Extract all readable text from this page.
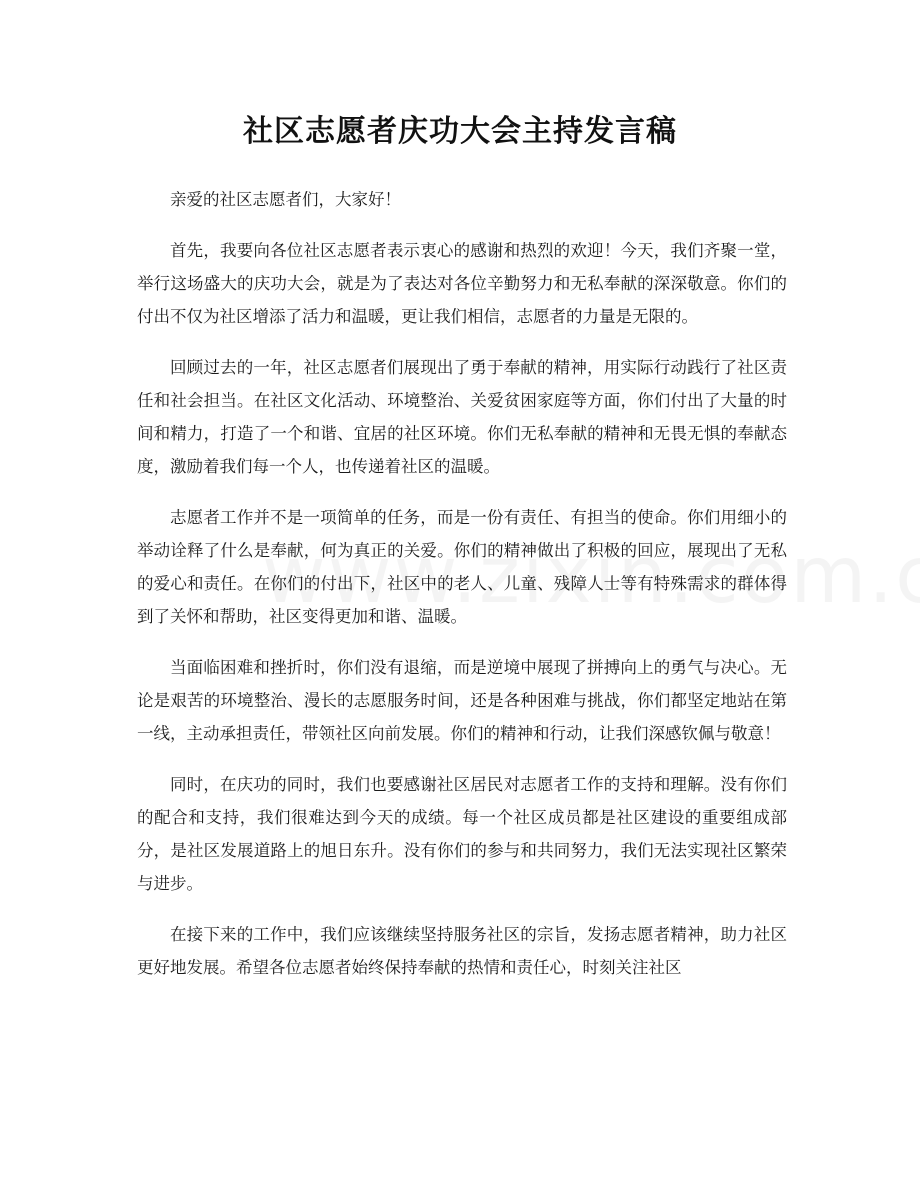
社区志愿者庆功大会主持发言稿

亲爱的社区志愿者们，大家好！

首先，我要向各位社区志愿者表示衷心的感谢和热烈的欢迎！今天，我们齐聚一堂，举行这场盛大的庆功大会，就是为了表达对各位辛勤努力和无私奉献的深深敬意。你们的付出不仅为社区增添了活力和温暖，更让我们相信，志愿者的力量是无限的。

回顾过去的一年，社区志愿者们展现出了勇于奉献的精神，用实际行动践行了社区责任和社会担当。在社区文化活动、环境整治、关爱贫困家庭等方面，你们付出了大量的时间和精力，打造了一个和谐、宜居的社区环境。你们无私奉献的精神和无畏无惧的奉献态度，激励着我们每一个人，也传递着社区的温暖。

志愿者工作并不是一项简单的任务，而是一份有责任、有担当的使命。你们用细小的举动诠释了什么是奉献，何为真正的关爱。你们的精神做出了积极的回应，展现出了无私的爱心和责任。在你们的付出下，社区中的老人、儿童、残障人士等有特殊需求的群体得到了关怀和帮助，社区变得更加和谐、温暖。

当面临困难和挫折时，你们没有退缩，而是逆境中展现了拼搏向上的勇气与决心。无论是艰苦的环境整治、漫长的志愿服务时间，还是各种困难与挑战，你们都坚定地站在第一线，主动承担责任，带领社区向前发展。你们的精神和行动，让我们深感钦佩与敬意！

同时，在庆功的同时，我们也要感谢社区居民对志愿者工作的支持和理解。没有你们的配合和支持，我们很难达到今天的成绩。每一个社区成员都是社区建设的重要组成部分，是社区发展道路上的旭日东升。没有你们的参与和共同努力，我们无法实现社区繁荣与进步。

在接下来的工作中，我们应该继续坚持服务社区的宗旨，发扬志愿者精神，助力社区更好地发展。希望各位志愿者始终保持奉献的热情和责任心，时刻关注社区
